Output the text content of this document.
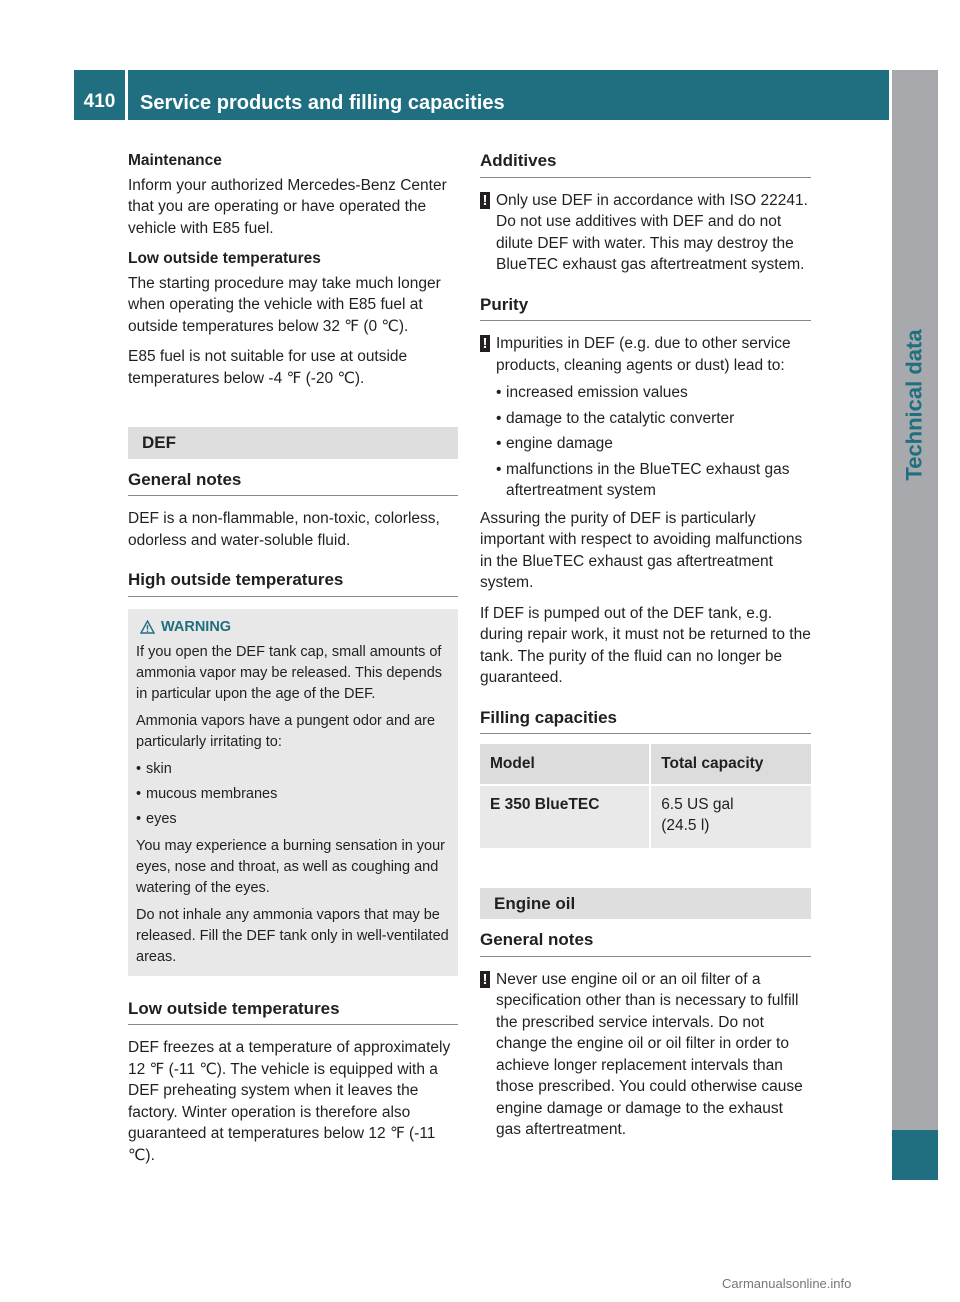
410	Service products and filling capacities
Technical data

Maintenance

Inform your authorized Mercedes-Benz Center that you are operating or have operated the vehicle with E85 fuel.

Low outside temperatures

The starting procedure may take much longer when operating the vehicle with E85 fuel at outside temperatures below 32 ℉ (0 ℃).

E85 fuel is not suitable for use at outside temperatures below -4 ℉ (-20 ℃).

DEF
General notes

DEF is a non-flammable, non-toxic, colorless, odorless and water-soluble fluid.

High outside temperatures
WARNING

If you open the DEF tank cap, small amounts of ammonia vapor may be released. This depends in particular upon the age of the DEF.

Ammonia vapors have a pungent odor and are particularly irritating to:

• skin
• mucous membranes
• eyes

You may experience a burning sensation in your eyes, nose and throat, as well as coughing and watering of the eyes.

Do not inhale any ammonia vapors that may be released. Fill the DEF tank only in well-ventilated areas.

Low outside temperatures

DEF freezes at a temperature of approximately 12 ℉ (-11 ℃). The vehicle is equipped with a DEF preheating system when it leaves the factory. Winter operation is therefore also guaranteed at temperatures below 12 ℉ (-11 ℃).

Additives
! Only use DEF in accordance with ISO 22241. Do not use additives with DEF and do not dilute DEF with water. This may destroy the BlueTEC exhaust gas aftertreatment system.
Purity
! Impurities in DEF (e.g. due to other service products, cleaning agents or dust) lead to:
• increased emission values
• damage to the catalytic converter
• engine damage
• malfunctions in the BlueTEC exhaust gas aftertreatment system

Assuring the purity of DEF is particularly important with respect to avoiding malfunctions in the BlueTEC exhaust gas aftertreatment system.

If DEF is pumped out of the DEF tank, e.g. during repair work, it must not be returned to the tank. The purity of the fluid can no longer be guaranteed.

Filling capacities
Model	Total capacity
E 350 BlueTEC	6.5 US gal
(24.5 l)
Engine oil
General notes
! Never use engine oil or an oil filter of a specification other than is necessary to fulfill the prescribed service intervals. Do not change the engine oil or oil filter in order to achieve longer replacement intervals than those prescribed. You could otherwise cause engine damage or damage to the exhaust gas aftertreatment.
Carmanualsonline.info
